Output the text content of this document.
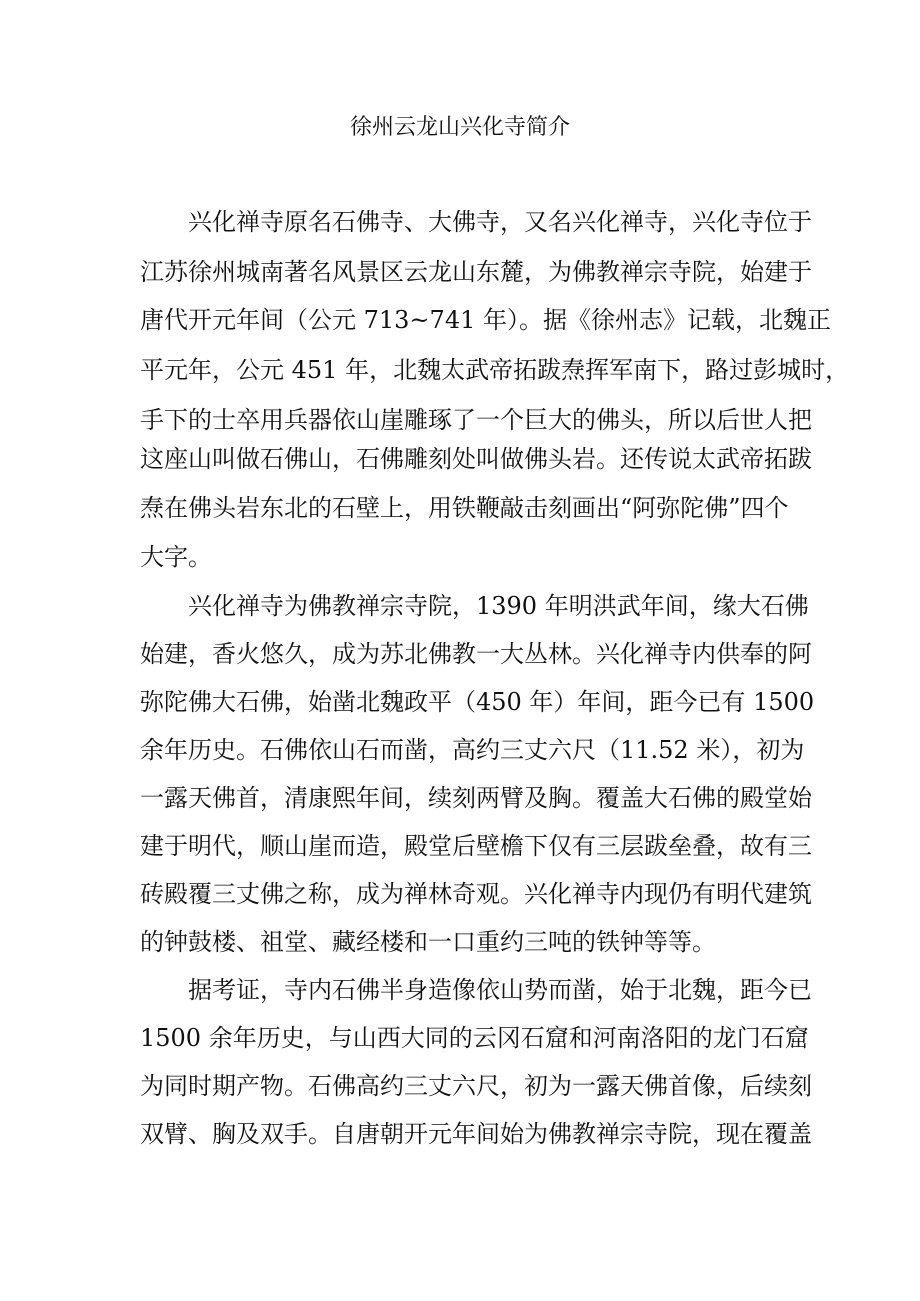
徐州云龙山兴化寺简介
兴化禅寺原名石佛寺、大佛寺，又名兴化禅寺，兴化寺位于
江苏徐州城南著名风景区云龙山东麓，为佛教禅宗寺院，始建于
唐代开元年间（公元 713~741 年）。据《徐州志》记载，北魏正
平元年，公元 451 年，北魏太武帝拓跋焘挥军南下，路过彭城时，
手下的士卒用兵器依山崖雕琢了一个巨大的佛头，所以后世人把
这座山叫做石佛山，石佛雕刻处叫做佛头岩。还传说太武帝拓跋
焘在佛头岩东北的石壁上，用铁鞭敲击刻画出“阿弥陀佛”四个
大字。
兴化禅寺为佛教禅宗寺院，1390 年明洪武年间，缘大石佛
始建，香火悠久，成为苏北佛教一大丛林。兴化禅寺内供奉的阿
弥陀佛大石佛，始凿北魏政平（450 年）年间，距今已有 1500
余年历史。石佛依山石而凿，高约三丈六尺（11.52 米），初为
一露天佛首，清康熙年间，续刻两臂及胸。覆盖大石佛的殿堂始
建于明代，顺山崖而造，殿堂后壁檐下仅有三层跋垒叠，故有三
砖殿覆三丈佛之称，成为禅林奇观。兴化禅寺内现仍有明代建筑
的钟鼓楼、祖堂、藏经楼和一口重约三吨的铁钟等等。
据考证，寺内石佛半身造像依山势而凿，始于北魏，距今已
1500 余年历史，与山西大同的云冈石窟和河南洛阳的龙门石窟
为同时期产物。石佛高约三丈六尺，初为一露天佛首像，后续刻
双臂、胸及双手。自唐朝开元年间始为佛教禅宗寺院，现在覆盖
